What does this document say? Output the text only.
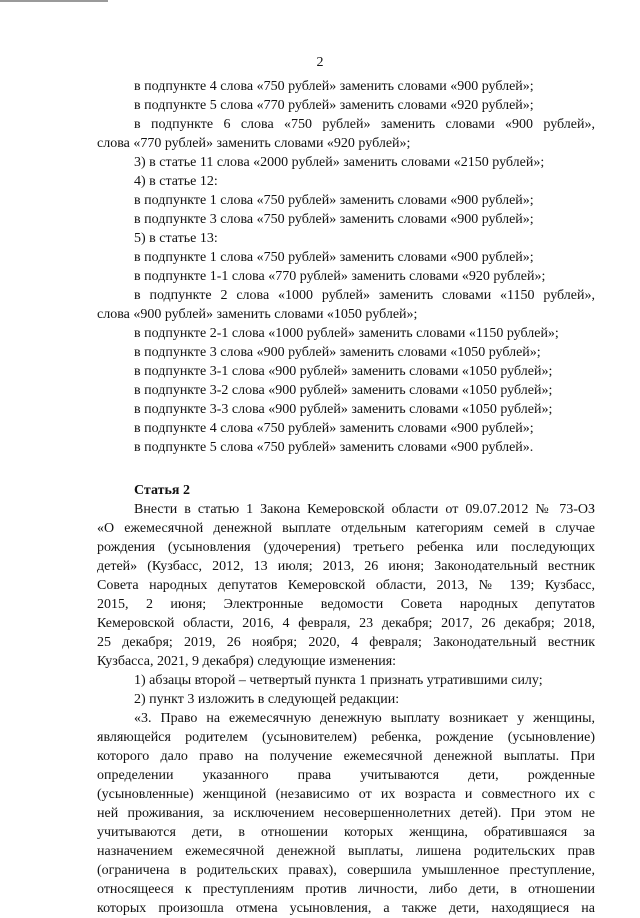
2
в подпункте 4 слова «750 рублей» заменить словами «900 рублей»;
в подпункте 5 слова «770 рублей» заменить словами «920 рублей»;
в подпункте 6 слова «750 рублей» заменить словами «900 рублей»,
слова «770 рублей» заменить словами «920 рублей»;
3) в статье 11 слова «2000 рублей» заменить словами «2150 рублей»;
4) в статье 12:
в подпункте 1 слова «750 рублей» заменить словами «900 рублей»;
в подпункте 3 слова «750 рублей» заменить словами «900 рублей»;
5) в статье 13:
в подпункте 1 слова «750 рублей» заменить словами «900 рублей»;
в подпункте 1-1 слова «770 рублей» заменить словами «920 рублей»;
в подпункте 2 слова «1000 рублей» заменить словами «1150 рублей»,
слова «900 рублей» заменить словами «1050 рублей»;
в подпункте 2-1 слова «1000 рублей» заменить словами «1150 рублей»;
в подпункте 3 слова «900 рублей» заменить словами «1050 рублей»;
в подпункте 3-1 слова «900 рублей» заменить словами «1050 рублей»;
в подпункте 3-2 слова «900 рублей» заменить словами «1050 рублей»;
в подпункте 3-3 слова «900 рублей» заменить словами «1050 рублей»;
в подпункте 4 слова «750 рублей» заменить словами «900 рублей»;
в подпункте 5 слова «750 рублей» заменить словами «900 рублей».
Статья 2
Внести в статью 1 Закона Кемеровской области от 09.07.2012 № 73-ОЗ
«О ежемесячной денежной выплате отдельным категориям семей в случае
рождения (усыновления (удочерения) третьего ребенка или последующих
детей» (Кузбасс, 2012, 13 июля; 2013, 26 июня; Законодательный вестник
Совета народных депутатов Кемеровской области, 2013, № 139; Кузбасс,
2015, 2 июня; Электронные ведомости Совета народных депутатов
Кемеровской области, 2016, 4 февраля, 23 декабря; 2017, 26 декабря; 2018,
25 декабря; 2019, 26 ноября; 2020, 4 февраля; Законодательный вестник
Кузбасса, 2021, 9 декабря) следующие изменения:
1) абзацы второй – четвертый пункта 1 признать утратившими силу;
2) пункт 3 изложить в следующей редакции:
«3. Право на ежемесячную денежную выплату возникает у женщины,
являющейся родителем (усыновителем) ребенка, рождение (усыновление)
которого дало право на получение ежемесячной денежной выплаты. При
определении указанного права учитываются дети, рожденные
(усыновленные) женщиной (независимо от их возраста и совместного их с
ней проживания, за исключением несовершеннолетних детей). При этом не
учитываются дети, в отношении которых женщина, обратившаяся за
назначением ежемесячной денежной выплаты, лишена родительских прав
(ограничена в родительских правах), совершила умышленное преступление,
относящееся к преступлениям против личности, либо дети, в отношении
которых произошла отмена усыновления, а также дети, находящиеся на
